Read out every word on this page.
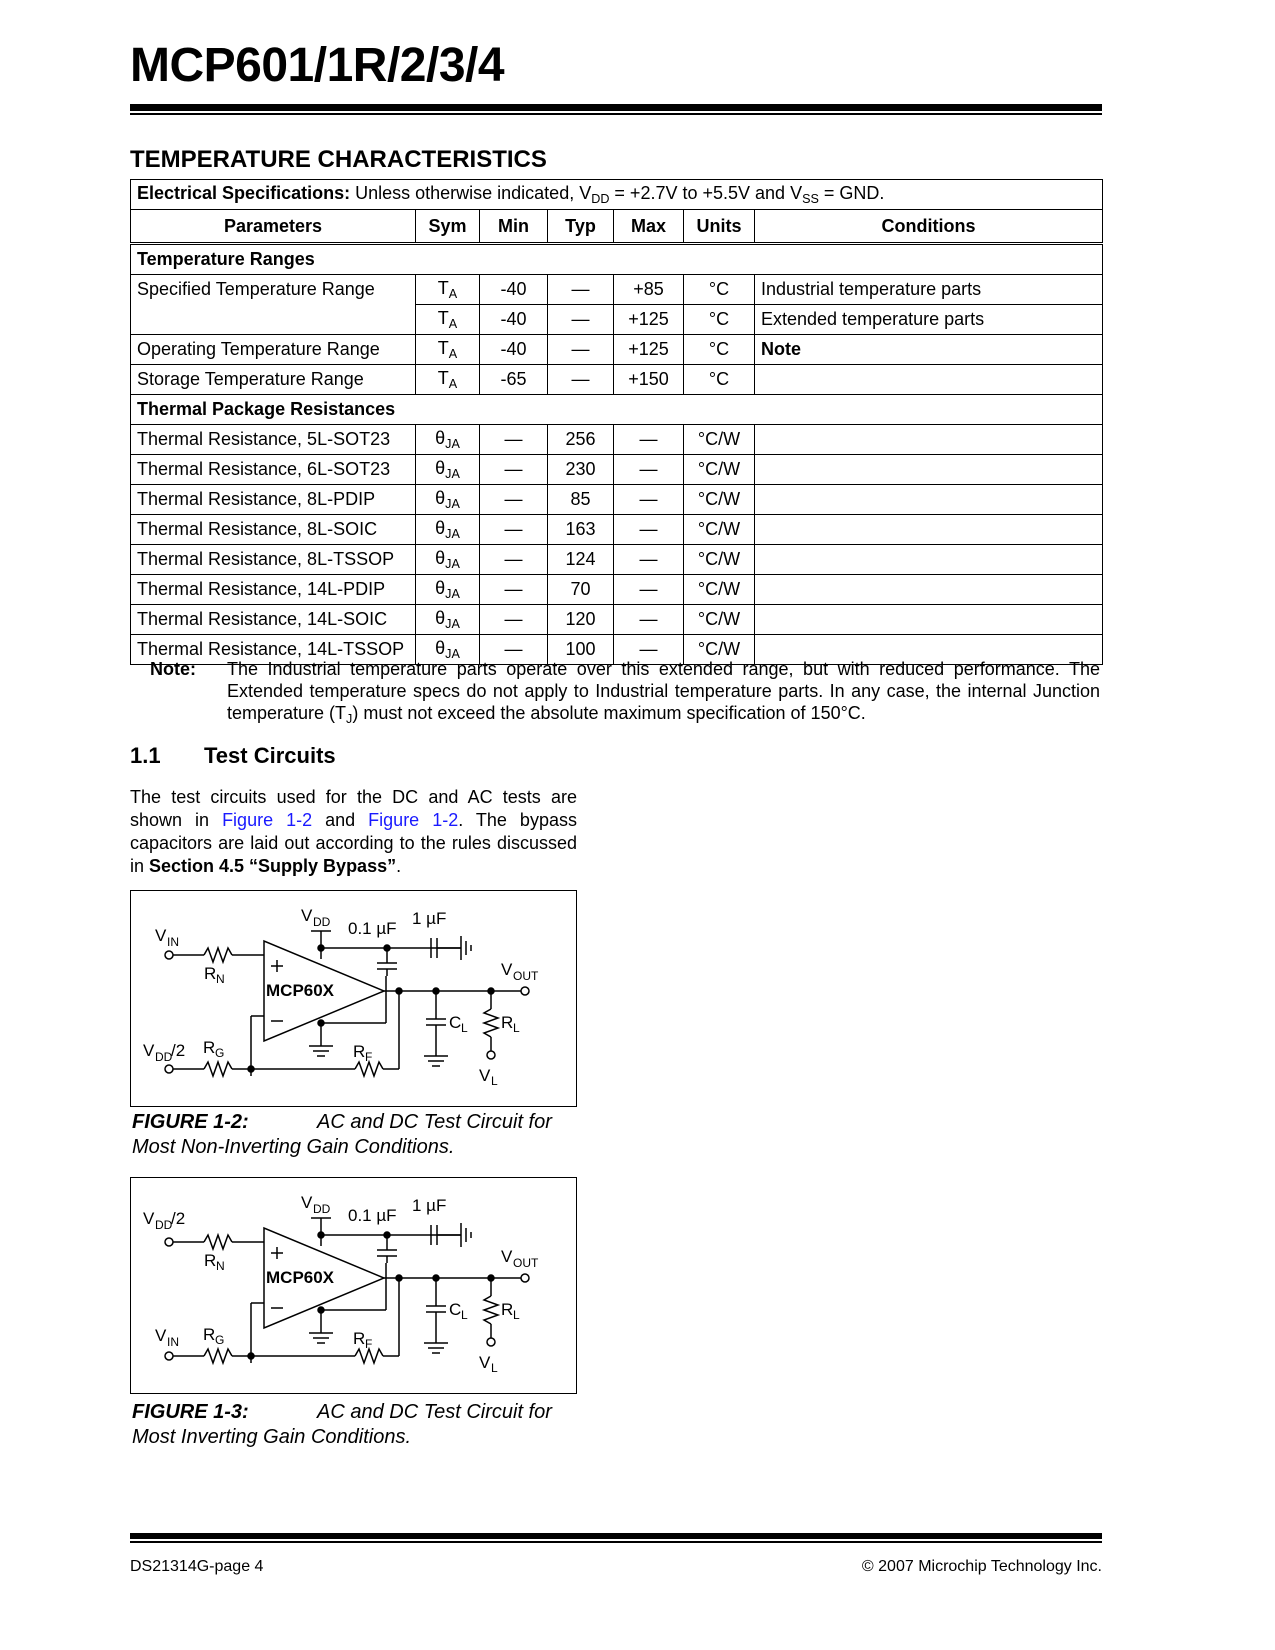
MCP601/1R/2/3/4
TEMPERATURE CHARACTERISTICS
Electrical Specifications: Unless otherwise indicated, $V_{DD} = +2.7V$ to +5.5V and $V_{SS}$ = GND.						
Parameters	Sym	Min	Typ	Max	Units	Conditions
Temperature Ranges						
Specified Temperature Range	$T_A$	-40	—	+85	°C	Industrial temperature parts
	$T_A$	-40	—	+125	°C	Extended temperature parts
Operating Temperature Range	$T_A$	-40	—	+125	°C	Note
Storage Temperature Range	$T_A$	-65	—	+150	°C	
Thermal Package Resistances						
Thermal Resistance, 5L-SOT23	$\theta_{JA}$	—	256	—	°C/W	
Thermal Resistance, 6L-SOT23	$\theta_{JA}$	—	230	—	°C/W	
Thermal Resistance, 8L-PDIP	$\theta_{JA}$	—	85	—	°C/W	
Thermal Resistance, 8L-SOIC	$\theta_{JA}$	—	163	—	°C/W	
Thermal Resistance, 8L-TSSOP	$\theta_{JA}$	—	124	—	°C/W	
Thermal Resistance, 14L-PDIP	$\theta_{JA}$	—	70	—	°C/W	
Thermal Resistance, 14L-SOIC	$\theta_{JA}$	—	120	—	°C/W	
Thermal Resistance, 14L-TSSOP	$\theta_{JA}$	—	100	—	°C/W	
Note: The Industrial temperature parts operate over this extended range, but with reduced performance. The Extended temperature specs do not apply to Industrial temperature parts. In any case, the internal Junction temperature $(T_J)$ must not exceed the absolute maximum specification of 150°C.
1.1 Test Circuits
The test circuits used for the DC and AC tests are shown in Figure 1-2 and Figure 1-2. The bypass capacitors are laid out according to the rules discussed in Section 4.5 “Supply Bypass”.
V IN
R N
V DD 0.1 µF
1 µF
MCP60X
V OUT
C L R L
V L
R F
V DD
/2 R G
FIGURE 1-2:	AC and DC Test Circuit for Most Non-Inverting Gain Conditions.
V DD
/2
R N
V DD 0.1 µF
1 µF
MCP60X
V OUT
C L R L
V L
R F
V IN R G
FIGURE 1-3:	AC and DC Test Circuit for Most Inverting Gain Conditions.
DS21314G-page 4	© 2007 Microchip Technology Inc.
